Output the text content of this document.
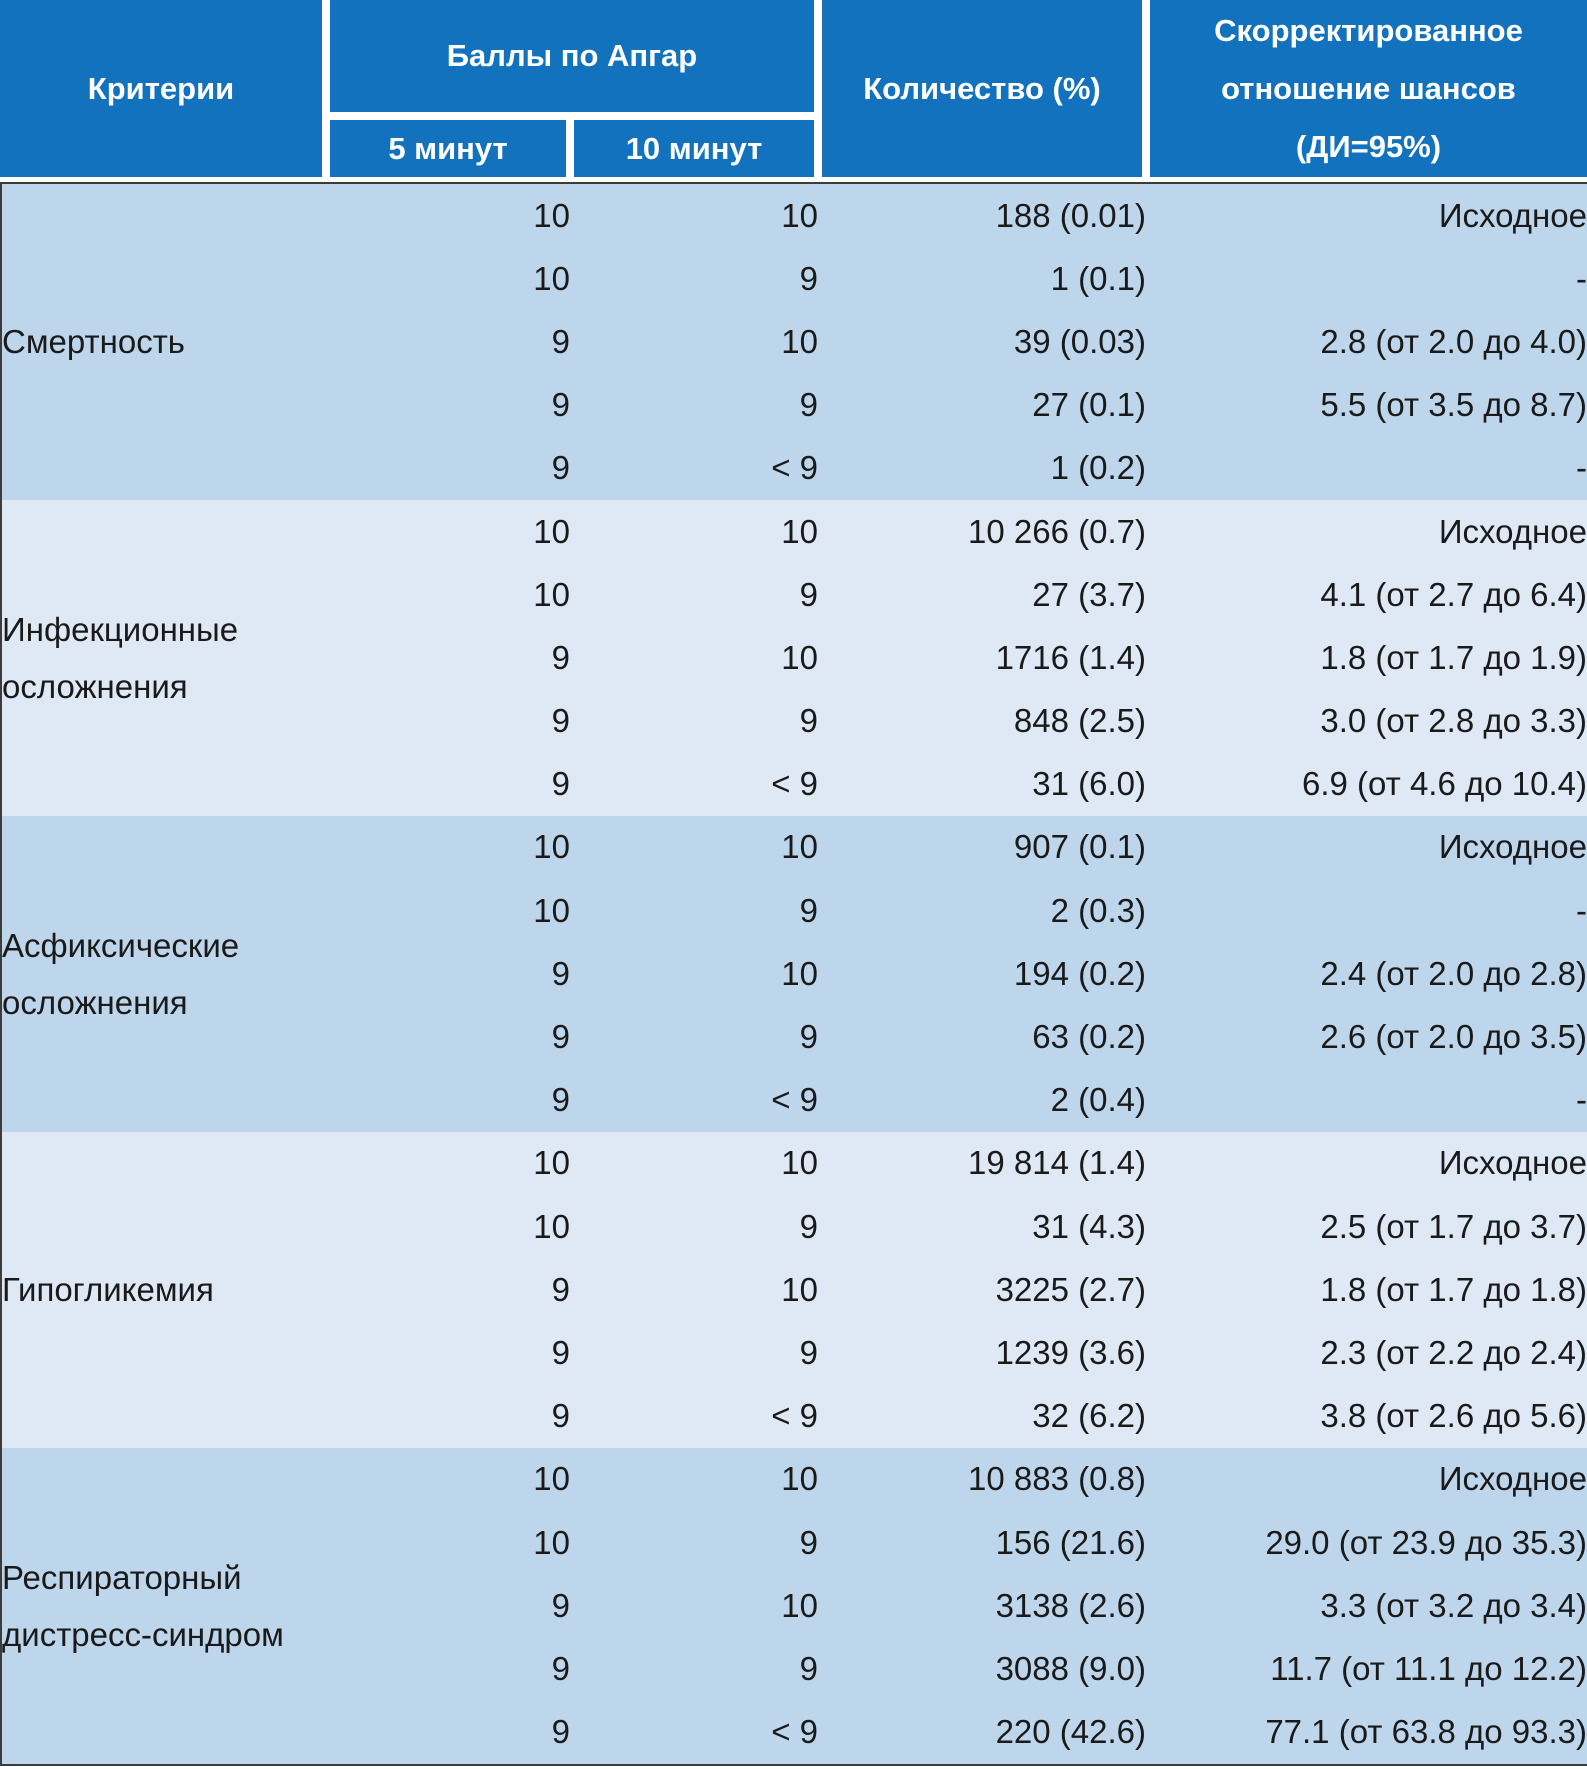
Критерии
Баллы по Апгар
5 минут	10 минут
Количество (%)
Скорректированное отношение шансов (ДИ=95%)
Смертность	10	10	188 (0.01)	Исходное
	10	9	1 (0.1)	-
	9	10	39 (0.03)	2.8 (от 2.0 до 4.0)
	9	9	27 (0.1)	5.5 (от 3.5 до 8.7)
	9	< 9	1 (0.2)	-
Инфекционные осложнения	10	10	10 266 (0.7)	Исходное
	10	9	27 (3.7)	4.1 (от 2.7 до 6.4)
	9	10	1716 (1.4)	1.8 (от 1.7 до 1.9)
	9	9	848 (2.5)	3.0 (от 2.8 до 3.3)
	9	< 9	31 (6.0)	6.9 (от 4.6 до 10.4)
Асфиксические осложнения	10	10	907 (0.1)	Исходное
	10	9	2 (0.3)	-
	9	10	194 (0.2)	2.4 (от 2.0 до 2.8)
	9	9	63 (0.2)	2.6 (от 2.0 до 3.5)
	9	< 9	2 (0.4)	-
Гипогликемия	10	10	19 814 (1.4)	Исходное
	10	9	31 (4.3)	2.5 (от 1.7 до 3.7)
	9	10	3225 (2.7)	1.8 (от 1.7 до 1.8)
	9	9	1239 (3.6)	2.3 (от 2.2 до 2.4)
	9	< 9	32 (6.2)	3.8 (от 2.6 до 5.6)
Респираторный дистресс-синдром	10	10	10 883 (0.8)	Исходное
	10	9	156 (21.6)	29.0 (от 23.9 до 35.3)
	9	10	3138 (2.6)	3.3 (от 3.2 до 3.4)
	9	9	3088 (9.0)	11.7 (от 11.1 до 12.2)
	9	< 9	220 (42.6)	77.1 (от 63.8 до 93.3)
